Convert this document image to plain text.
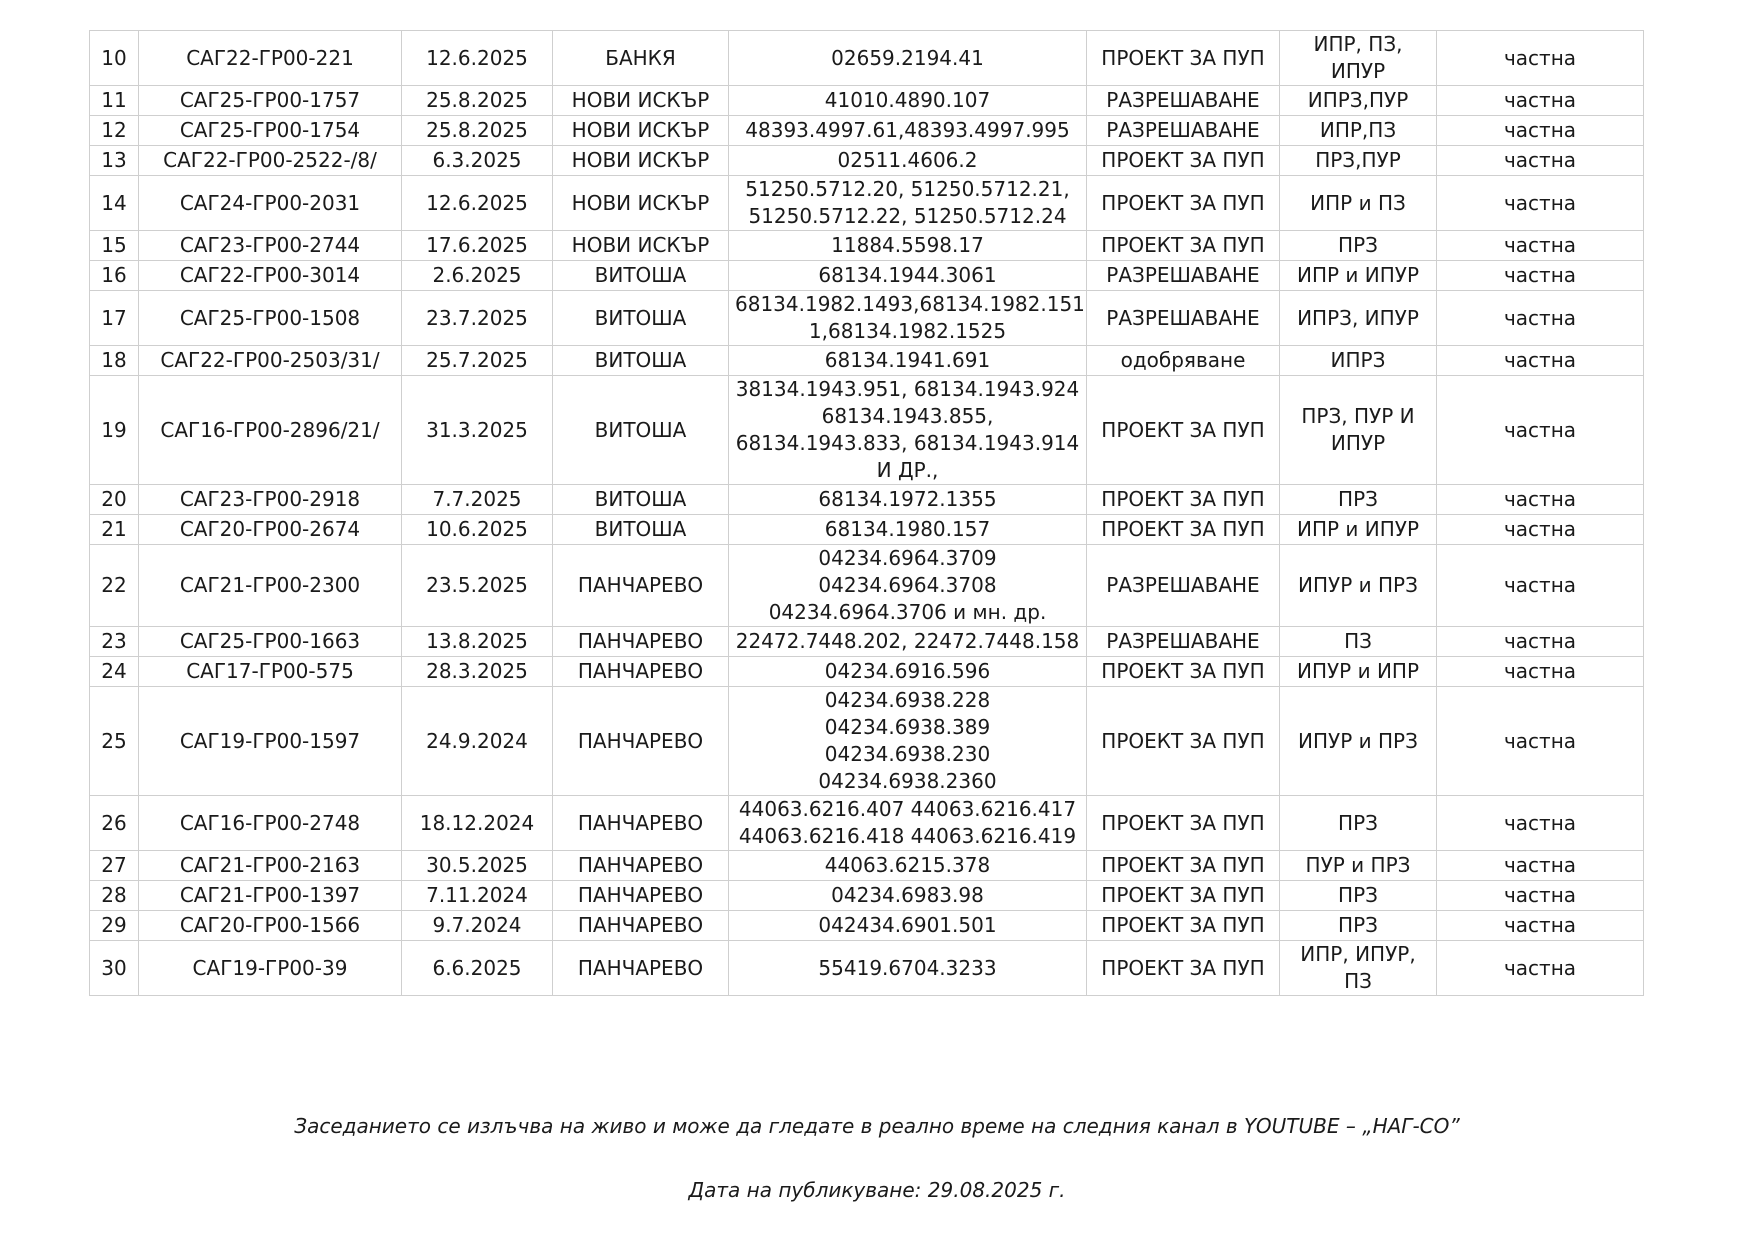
10	САГ22-ГР00-221	12.6.2025	БАНКЯ	02659.2194.41	ПРОЕКТ ЗА ПУП	ИПР, ПЗ,
ИПУР	частна
11	САГ25-ГР00-1757	25.8.2025	НОВИ ИСКЪР	41010.4890.107	РАЗРЕШАВАНЕ	ИПРЗ,ПУР	частна
12	САГ25-ГР00-1754	25.8.2025	НОВИ ИСКЪР	48393.4997.61,48393.4997.995	РАЗРЕШАВАНЕ	ИПР,ПЗ	частна
13	САГ22-ГР00-2522-/8/	6.3.2025	НОВИ ИСКЪР	02511.4606.2	ПРОЕКТ ЗА ПУП	ПРЗ,ПУР	частна
14	САГ24-ГР00-2031	12.6.2025	НОВИ ИСКЪР	51250.5712.20, 51250.5712.21,
51250.5712.22, 51250.5712.24	ПРОЕКТ ЗА ПУП	ИПР и ПЗ	частна
15	САГ23-ГР00-2744	17.6.2025	НОВИ ИСКЪР	11884.5598.17	ПРОЕКТ ЗА ПУП	ПРЗ	частна
16	САГ22-ГР00-3014	2.6.2025	ВИТОША	68134.1944.3061	РАЗРЕШАВАНЕ	ИПР и ИПУР	частна
17	САГ25-ГР00-1508	23.7.2025	ВИТОША	68134.1982.1493,68134.1982.151
1,68134.1982.1525	РАЗРЕШАВАНЕ	ИПРЗ, ИПУР	частна
18	САГ22-ГР00-2503/31/	25.7.2025	ВИТОША	68134.1941.691	одобряване	ИПРЗ	частна
19	САГ16-ГР00-2896/21/	31.3.2025	ВИТОША	38134.1943.951, 68134.1943.924
68134.1943.855,
68134.1943.833, 68134.1943.914
И ДР.,	ПРОЕКТ ЗА ПУП	ПРЗ, ПУР И
ИПУР	частна
20	САГ23-ГР00-2918	7.7.2025	ВИТОША	68134.1972.1355	ПРОЕКТ ЗА ПУП	ПРЗ	частна
21	САГ20-ГР00-2674	10.6.2025	ВИТОША	68134.1980.157	ПРОЕКТ ЗА ПУП	ИПР и ИПУР	частна
22	САГ21-ГР00-2300	23.5.2025	ПАНЧАРЕВО	04234.6964.3709
04234.6964.3708
04234.6964.3706 и мн. др.	РАЗРЕШАВАНЕ	ИПУР и ПРЗ	частна
23	САГ25-ГР00-1663	13.8.2025	ПАНЧАРЕВО	22472.7448.202, 22472.7448.158	РАЗРЕШАВАНЕ	ПЗ	частна
24	САГ17-ГР00-575	28.3.2025	ПАНЧАРЕВО	04234.6916.596	ПРОЕКТ ЗА ПУП	ИПУР и ИПР	частна
25	САГ19-ГР00-1597	24.9.2024	ПАНЧАРЕВО	04234.6938.228
04234.6938.389
04234.6938.230
04234.6938.2360	ПРОЕКТ ЗА ПУП	ИПУР и ПРЗ	частна
26	САГ16-ГР00-2748	18.12.2024	ПАНЧАРЕВО	44063.6216.407 44063.6216.417
44063.6216.418 44063.6216.419	ПРОЕКТ ЗА ПУП	ПРЗ	частна
27	САГ21-ГР00-2163	30.5.2025	ПАНЧАРЕВО	44063.6215.378	ПРОЕКТ ЗА ПУП	ПУР и ПРЗ	частна
28	САГ21-ГР00-1397	7.11.2024	ПАНЧАРЕВО	04234.6983.98	ПРОЕКТ ЗА ПУП	ПРЗ	частна
29	САГ20-ГР00-1566	9.7.2024	ПАНЧАРЕВО	042434.6901.501	ПРОЕКТ ЗА ПУП	ПРЗ	частна
30	САГ19-ГР00-39	6.6.2025	ПАНЧАРЕВО	55419.6704.3233	ПРОЕКТ ЗА ПУП	ИПР, ИПУР,
ПЗ	частна
Заседанието се излъчва на живо и може да гледате в реално време на следния канал в YOUTUBE – „НАГ-СО”
Дата на публикуване: 29.08.2025 г.
